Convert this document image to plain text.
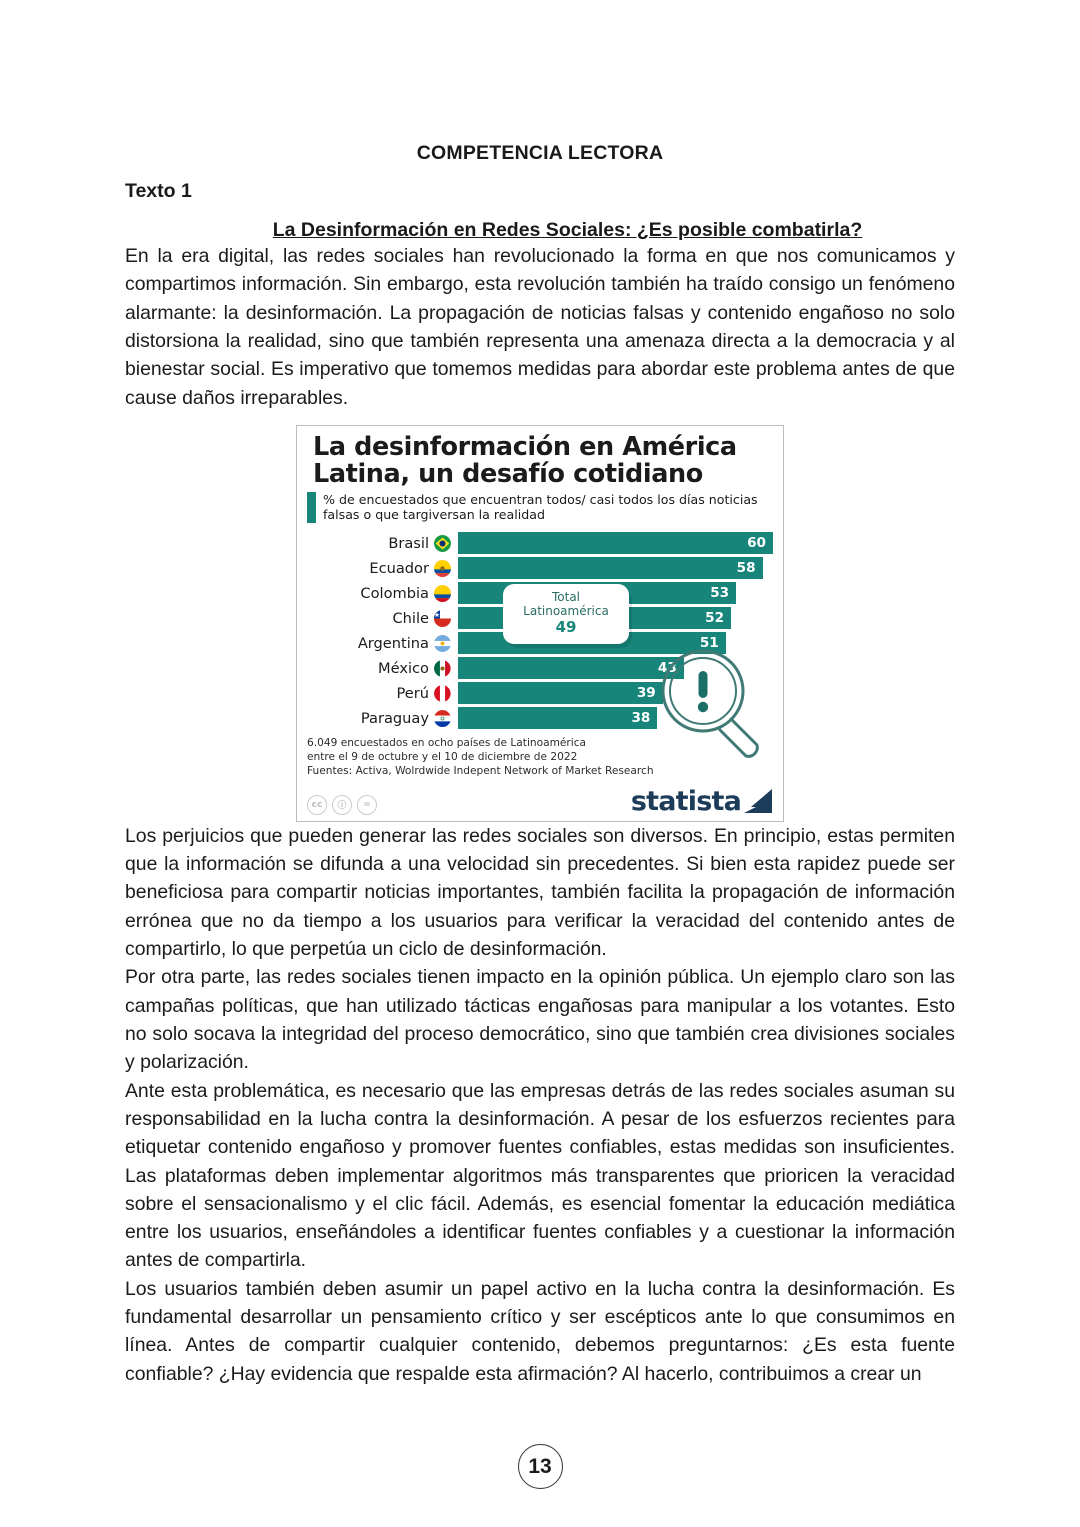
COMPETENCIA LECTORA
Texto 1
La Desinformación en Redes Sociales: ¿Es posible combatirla?

En la era digital, las redes sociales han revolucionado la forma en que nos comunicamos y compartimos información. Sin embargo, esta revolución también ha traído consigo un fenómeno alarmante: la desinformación. La propagación de noticias falsas y contenido engañoso no solo distorsiona la realidad, sino que también representa una amenaza directa a la democracia y al bienestar social. Es imperativo que tomemos medidas para abordar este problema antes de que cause daños irreparables.

La desinformación en América Latina, un desafío cotidiano
% de encuestados que encuentran todos/ casi todos los días noticias falsas o que targiversan la realidad
Brasil	60
Ecuador	58
Colombia	53
Chile	52
Argentina	51
México	43
Perú	39
Paraguay	38
Total
Latinoamérica
49
6.049 encuestados en ocho países de Latinoamérica
entre el 9 de octubre y el 10 de diciembre de 2022
Fuentes: Activa, Wolrdwide Indepent Network of Market Research
cc	ⓘ	=	statista

Los perjuicios que pueden generar las redes sociales son diversos. En principio, estas permiten que la información se difunda a una velocidad sin precedentes. Si bien esta rapidez puede ser beneficiosa para compartir noticias importantes, también facilita la propagación de información errónea que no da tiempo a los usuarios para verificar la veracidad del contenido antes de compartirlo, lo que perpetúa un ciclo de desinformación.

Por otra parte, las redes sociales tienen impacto en la opinión pública. Un ejemplo claro son las campañas políticas, que han utilizado tácticas engañosas para manipular a los votantes. Esto no solo socava la integridad del proceso democrático, sino que también crea divisiones sociales y polarización.

Ante esta problemática, es necesario que las empresas detrás de las redes sociales asuman su responsabilidad en la lucha contra la desinformación. A pesar de los esfuerzos recientes para etiquetar contenido engañoso y promover fuentes confiables, estas medidas son insuficientes. Las plataformas deben implementar algoritmos más transparentes que prioricen la veracidad sobre el sensacionalismo y el clic fácil. Además, es esencial fomentar la educación mediática entre los usuarios, enseñándoles a identificar fuentes confiables y a cuestionar la información antes de compartirla.

Los usuarios también deben asumir un papel activo en la lucha contra la desinformación. Es fundamental desarrollar un pensamiento crítico y ser escépticos ante lo que consumimos en línea. Antes de compartir cualquier contenido, debemos preguntarnos: ¿Es esta fuente confiable? ¿Hay evidencia que respalde esta afirmación? Al hacerlo, contribuimos a crear un

13
